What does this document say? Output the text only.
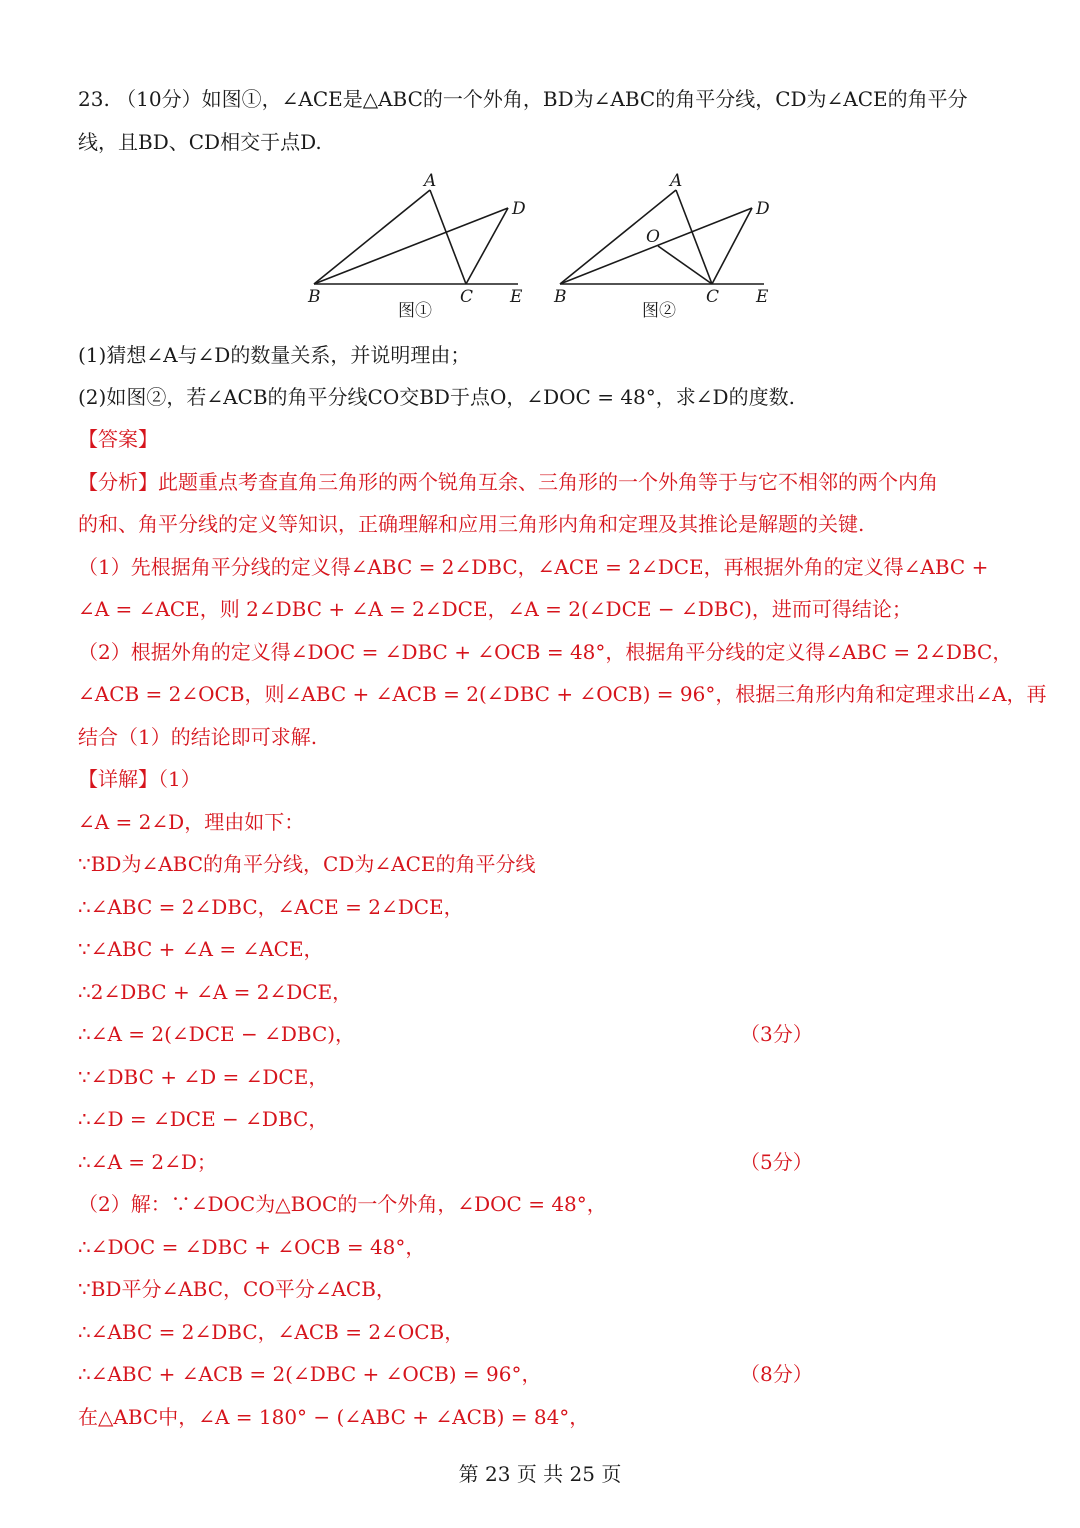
23. （10分）如图①，∠ACE是△ABC的一个外角，BD为∠ABC的角平分线，CD为∠ACE的角平分
线，且BD、CD相交于点D.
A
B	C
D
E
图①
A
B	C
D
E
O
图②
(1)猜想∠A与∠D的数量关系，并说明理由；
(2)如图②，若∠ACB的角平分线CO交BD于点O，∠DOC = 48°，求∠D的度数.
【答案】
【分析】此题重点考查直角三角形的两个锐角互余、三角形的一个外角等于与它不相邻的两个内角
的和、角平分线的定义等知识，正确理解和应用三角形内角和定理及其推论是解题的关键.
（1）先根据角平分线的定义得∠ABC = 2∠DBC，∠ACE = 2∠DCE，再根据外角的定义得∠ABC +
∠A = ∠ACE，则 2∠DBC + ∠A = 2∠DCE，∠A = 2(∠DCE − ∠DBC)，进而可得结论；
（2）根据外角的定义得∠DOC = ∠DBC + ∠OCB = 48°，根据角平分线的定义得∠ABC = 2∠DBC，
∠ACB = 2∠OCB，则∠ABC + ∠ACB = 2(∠DBC + ∠OCB) = 96°，根据三角形内角和定理求出∠A，再
结合（1）的结论即可求解.
【详解】（1）
∠A = 2∠D，理由如下：
∵BD为∠ABC的角平分线，CD为∠ACE的角平分线
∴∠ABC = 2∠DBC，∠ACE = 2∠DCE，
∵∠ABC + ∠A = ∠ACE，
∴2∠DBC + ∠A = 2∠DCE，
∴∠A = 2(∠DCE − ∠DBC)，	（3分）
∵∠DBC + ∠D = ∠DCE，
∴∠D = ∠DCE − ∠DBC，
∴∠A = 2∠D；	（5分）
（2）解：∵∠DOC为△BOC的一个外角，∠DOC = 48°，
∴∠DOC = ∠DBC + ∠OCB = 48°，
∵BD平分∠ABC，CO平分∠ACB，
∴∠ABC = 2∠DBC，∠ACB = 2∠OCB，
∴∠ABC + ∠ACB = 2(∠DBC + ∠OCB) = 96°，	（8分）
在△ABC中，∠A = 180° − (∠ABC + ∠ACB) = 84°，
第 23 页 共 25 页
